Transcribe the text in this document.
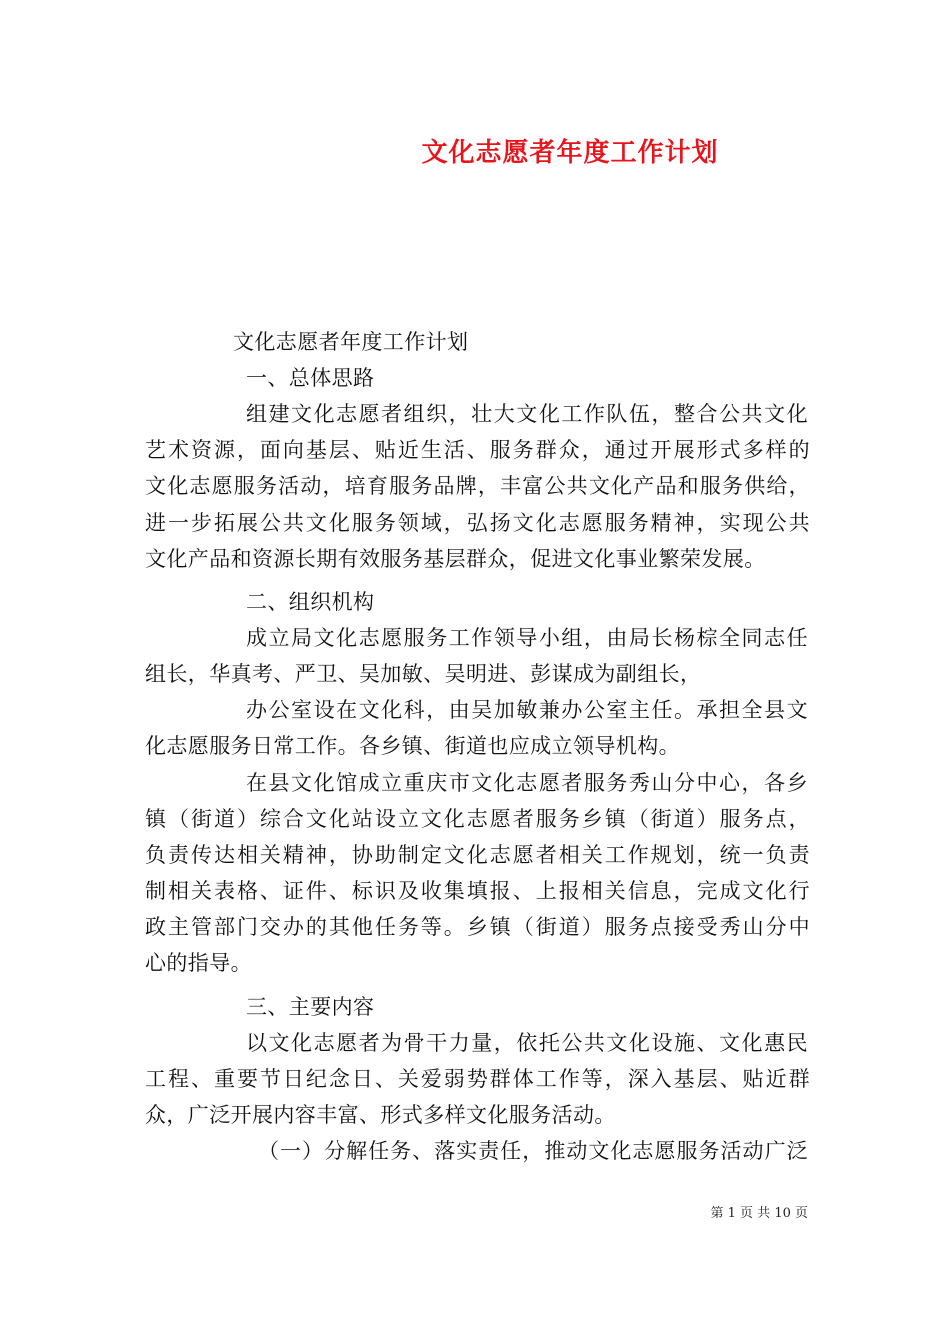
文化志愿者年度工作计划
文化志愿者年度工作计划
一、总体思路
组建文化志愿者组织，壮大文化工作队伍，整合公共文化
艺术资源，面向基层、贴近生活、服务群众，通过开展形式多样的
文化志愿服务活动，培育服务品牌，丰富公共文化产品和服务供给，
进一步拓展公共文化服务领域，弘扬文化志愿服务精神，实现公共
文化产品和资源长期有效服务基层群众，促进文化事业繁荣发展。
二、组织机构
成立局文化志愿服务工作领导小组，由局长杨棕全同志任
组长，华真考、严卫、吴加敏、吴明进、彭谋成为副组长，
办公室设在文化科，由吴加敏兼办公室主任。承担全县文
化志愿服务日常工作。各乡镇、街道也应成立领导机构。
在县文化馆成立重庆市文化志愿者服务秀山分中心，各乡
镇（街道）综合文化站设立文化志愿者服务乡镇（街道）服务点，
负责传达相关精神，协助制定文化志愿者相关工作规划，统一负责
制相关表格、证件、标识及收集填报、上报相关信息，完成文化行
政主管部门交办的其他任务等。乡镇（街道）服务点接受秀山分中
心的指导。
三、主要内容
以文化志愿者为骨干力量，依托公共文化设施、文化惠民
工程、重要节日纪念日、关爱弱势群体工作等，深入基层、贴近群
众，广泛开展内容丰富、形式多样文化服务活动。
（一）分解任务、落实责任，推动文化志愿服务活动广泛
第 1 页 共 10 页
